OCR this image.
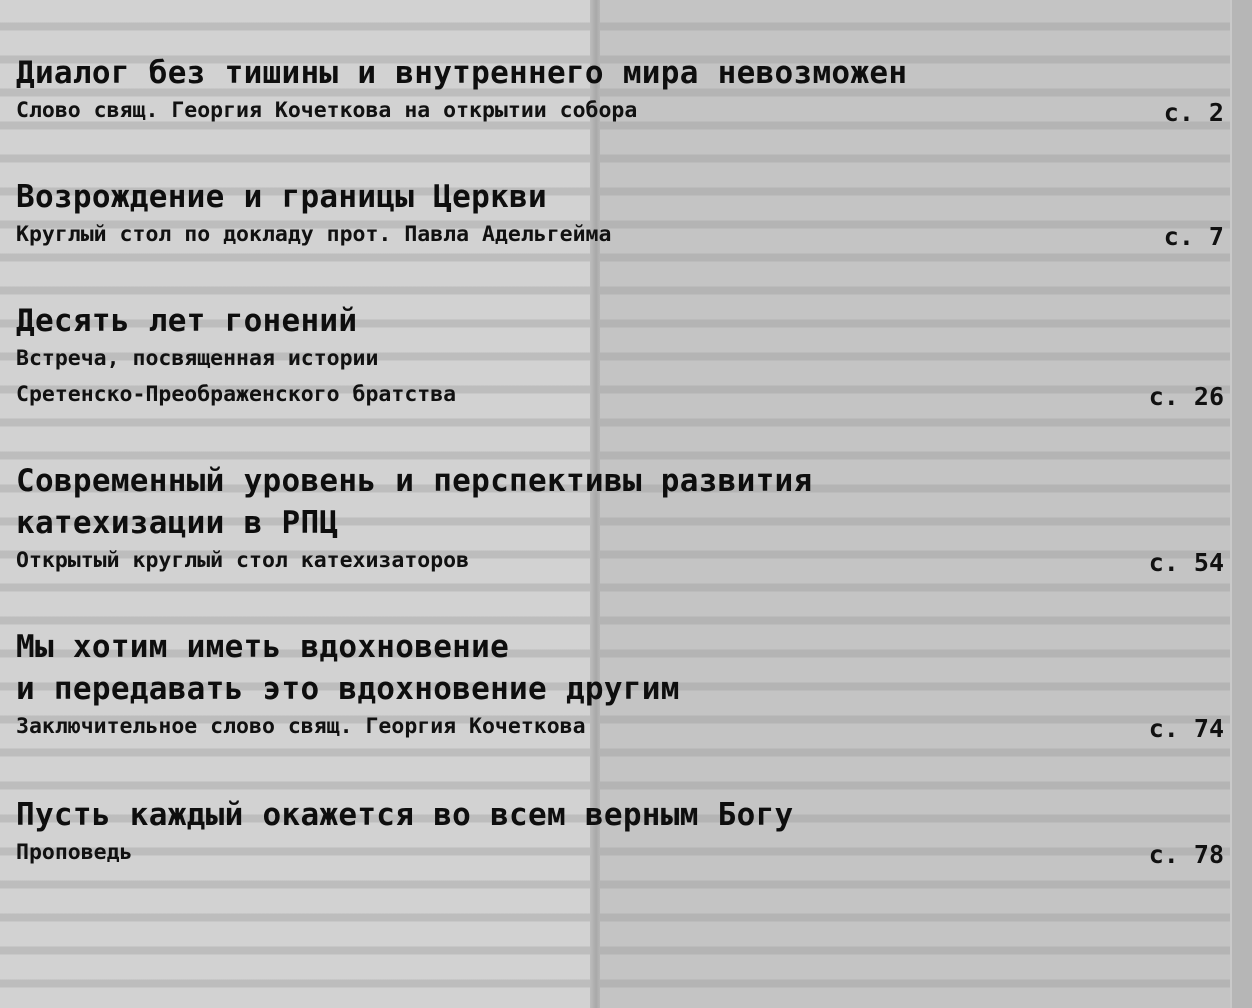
Диалог без тишины и внутреннего мира невозможен
Слово свящ. Георгия Кочеткова на открытии собора	с. 2
Возрождение и границы Церкви
Круглый стол по докладу прот. Павла Адельгейма	с. 7
Десять лет гонений
Встреча, посвященная истории
Сретенско-Преображенского братства	с. 26
Современный уровень и перспективы развития
катехизации в РПЦ
Открытый круглый стол катехизаторов	с. 54
Мы хотим иметь вдохновение
и передавать это вдохновение другим
Заключительное слово свящ. Георгия Кочеткова	с. 74
Пусть каждый окажется во всем верным Богу
Проповедь	с. 78
